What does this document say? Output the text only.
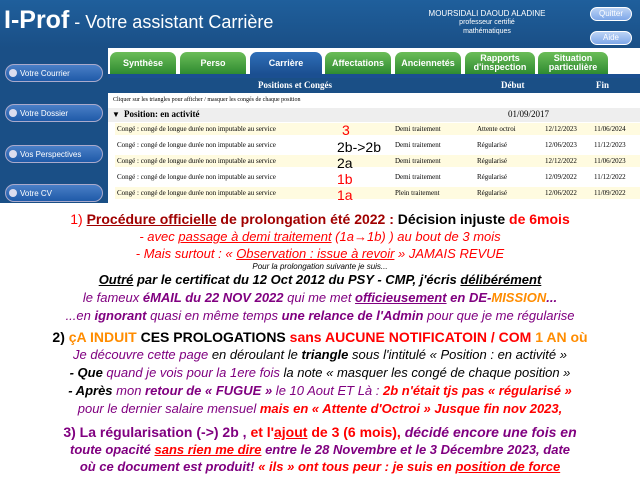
I-Prof - Votre assistant Carrière	MOURSIDALI DAOUD ALADINE
professeur certifié
mathématiques
Quitter
Aide
Votre Courrier
Votre Dossier
Vos Perspectives
Votre CV
Synthèse	Perso	Carrière	Affectations	Anciennetés	Rapports d'inspection
Situation particulière
Positions et Congés	Début	Fin
Cliquer sur les triangles pour afficher / masquer les congés de chaque position
▼ Position: en activité	01/09/2017
Congé : congé de longue durée non imputable au service	Demi traitement	Attente octroi	12/12/2023 11/06/2024
Congé : congé de longue durée non imputable au service	Demi traitement	Régularisé	12/06/2023 11/12/2023
Congé : congé de longue durée non imputable au service	Demi traitement	Régularisé	12/12/2022 11/06/2023
Congé : congé de longue durée non imputable au service	Demi traitement	Régularisé	12/09/2022 11/12/2022
Congé : congé de longue durée non imputable au service	Plein traitement	Régularisé	12/06/2022 11/09/2022
3
2b->2b
2a
1b
1a
1) Procédure officielle de prolongation été 2022 : Décision injuste de 6mois
- avec passage à demi traitement (1a→1b) ) au bout de 3 mois
- Mais surtout : « Observation : issue à revoir » JAMAIS REVUE
Pour la prolongation suivante je suis...
Outré par le certificat du 12 Oct 2012 du PSY - CMP, j'écris délibérément
le fameux éMAIL du 22 NOV 2022 qui me met officieusement en DE-MISSION...
...en ignorant quasi en même temps une relance de l'Admin pour que je me régularise
2) çA INDUIT CES PROLOGATIONS sans AUCUNE NOTIFICATOIN / COM 1 AN où
Je découvre cette page en déroulant le triangle sous l'intitulé « Position : en activité »
- Que quand je vois pour la 1ere fois la note « masquer les congé de chaque position »
- Après mon retour de « FUGUE » le 10 Aout ET Là : 2b n'était tjs pas « régularisé »
pour le dernier salaire mensuel mais en « Attente d'Octroi » Jusque fin nov 2023,
3) La régularisation (->) 2b , et l'ajout de 3 (6 mois), décidé encore une fois en
toute opacité sans rien me dire entre le 28 Novembre et le 3 Décembre 2023, date
où ce document est produit! « ils » ont tous peur : je suis en position de force
